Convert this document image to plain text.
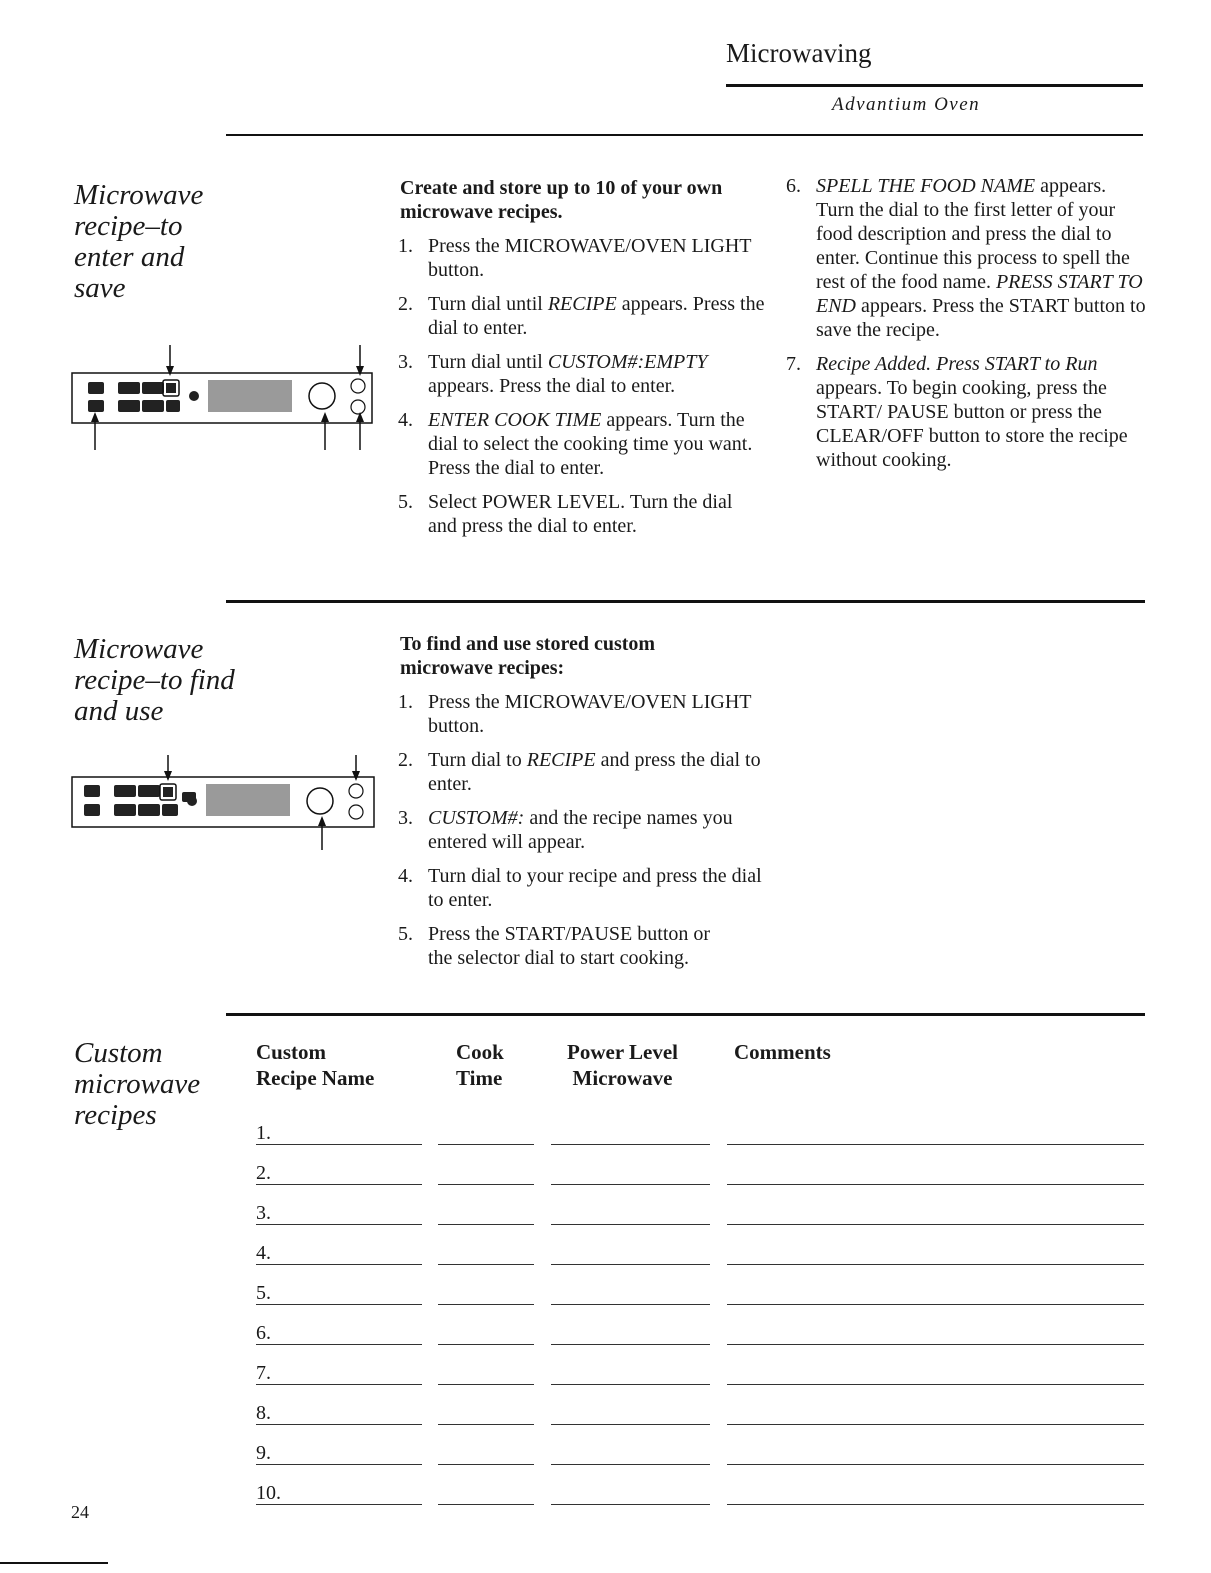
Microwaving
Advantium Oven
Microwave
recipe–to
enter and
save
Create and store up to 10 of your own microwave recipes.
1. Press the MICROWAVE/OVEN LIGHT button.
2. Turn dial until RECIPE appears. Press the dial to enter.
3. Turn dial until CUSTOM#:EMPTY appears. Press the dial to enter.
4. ENTER COOK TIME appears. Turn the dial to select the cooking time you want. Press the dial to enter.
5. Select POWER LEVEL. Turn the dial and press the dial to enter.
6. SPELL THE FOOD NAME appears. Turn the dial to the first letter of your food description and press the dial to enter. Continue this process to spell the rest of the food name. PRESS START TO END appears. Press the START button to save the recipe.
7. Recipe Added. Press START to Run appears. To begin cooking, press the START/ PAUSE button or press the CLEAR/OFF button to store the recipe without cooking.
Microwave
recipe–to find
and use
To find and use stored custom microwave recipes:
1. Press the MICROWAVE/OVEN LIGHT button.
2. Turn dial to RECIPE and press the dial to enter.
3. CUSTOM#: and the recipe names you entered will appear.
4. Turn dial to your recipe and press the dial to enter.
5. Press the START/PAUSE button or the selector dial to start cooking.
Custom
microwave
recipes
Custom
Recipe Name
Cook
Time
Power Level
Microwave
Comments
1.
2.
3.
4.
5.
6.
7.
8.
9.
10.
24
